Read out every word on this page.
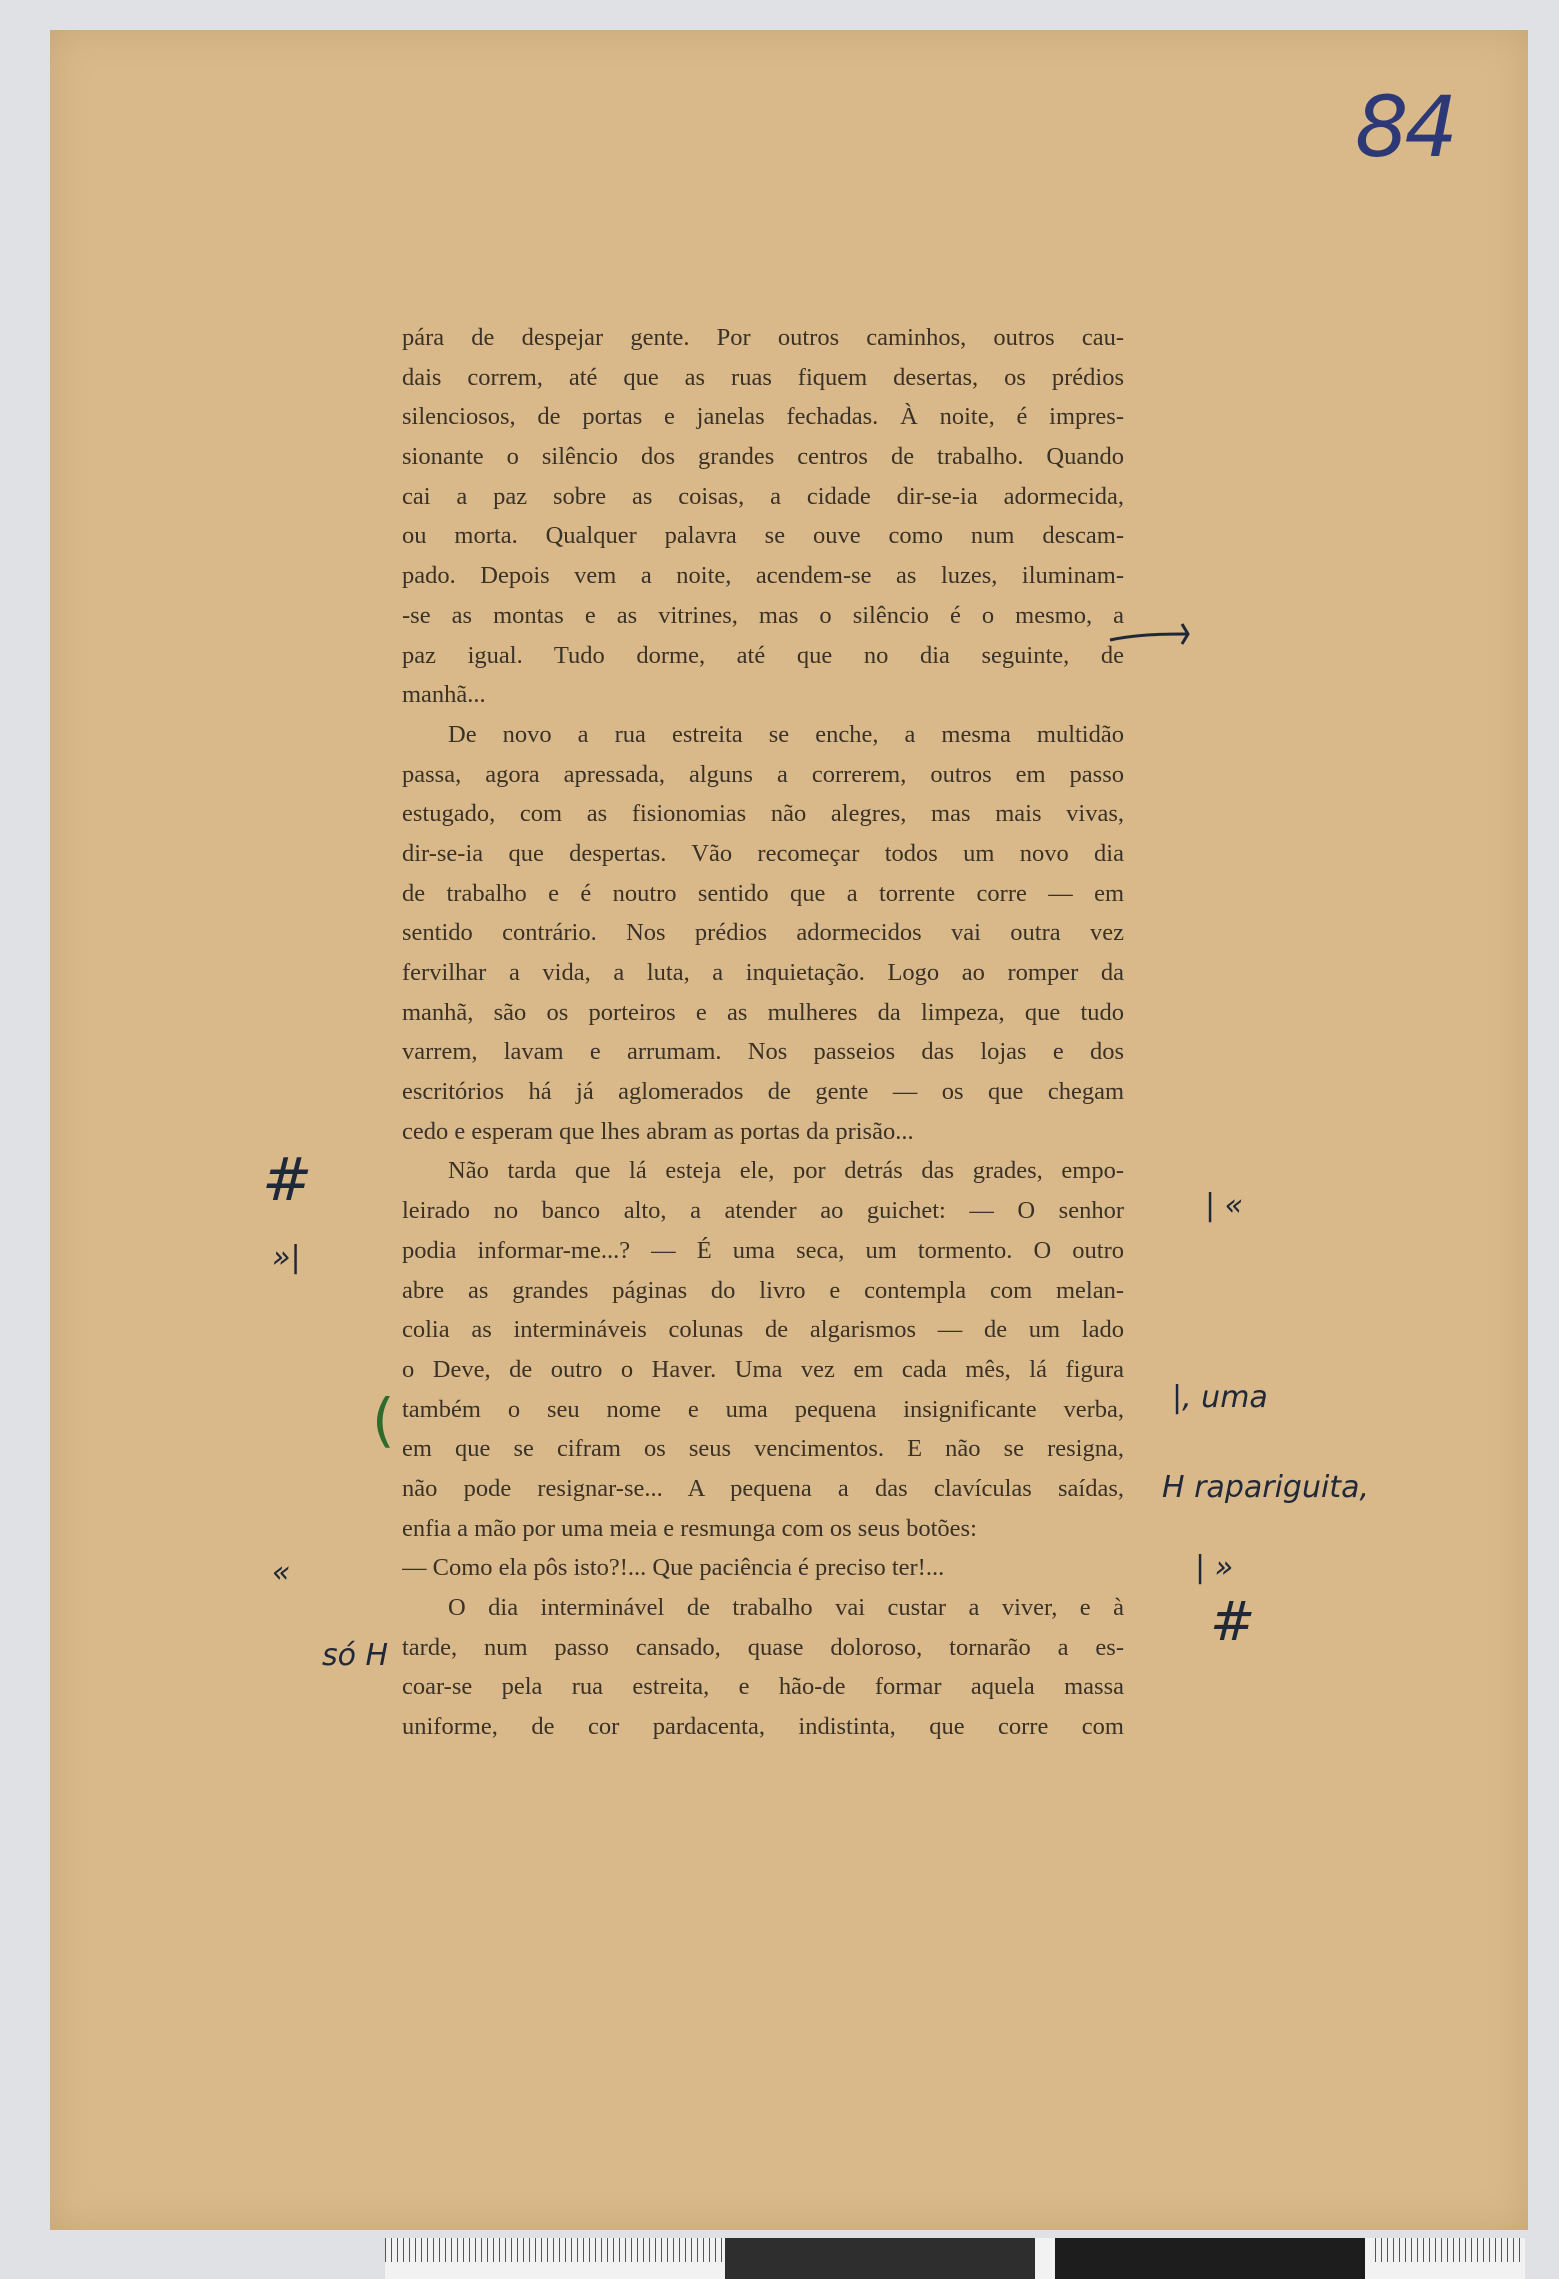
84
pára de despejar gente. Por outros caminhos, outros cau-
dais correm, até que as ruas fiquem desertas, os prédios
silenciosos, de portas e janelas fechadas. À noite, é impres-
sionante o silêncio dos grandes centros de trabalho. Quando
cai a paz sobre as coisas, a cidade dir-se-ia adormecida,
ou morta. Qualquer palavra se ouve como num descam-
pado. Depois vem a noite, acendem-se as luzes, iluminam-
-se as montas e as vitrines, mas o silêncio é o mesmo, a
paz igual. Tudo dorme, até que no dia seguinte, de
manhã...
De novo a rua estreita se enche, a mesma multidão
passa, agora apressada, alguns a correrem, outros em passo
estugado, com as fisionomias não alegres, mas mais vivas,
dir-se-ia que despertas. Vão recomeçar todos um novo dia
de trabalho e é noutro sentido que a torrente corre — em
sentido contrário. Nos prédios adormecidos vai outra vez
fervilhar a vida, a luta, a inquietação. Logo ao romper da
manhã, são os porteiros e as mulheres da limpeza, que tudo
varrem, lavam e arrumam. Nos passeios das lojas e dos
escritórios há já aglomerados de gente — os que chegam
cedo e esperam que lhes abram as portas da prisão...
Não tarda que lá esteja ele, por detrás das grades, empo-
leirado no banco alto, a atender ao guichet: — O senhor
podia informar-me...? — É uma seca, um tormento. O outro
abre as grandes páginas do livro e contempla com melan-
colia as intermináveis colunas de algarismos — de um lado
o Deve, de outro o Haver. Uma vez em cada mês, lá figura
também o seu nome e uma pequena insignificante verba,
em que se cifram os seus vencimentos. E não se resigna,
não pode resignar-se... A pequena a das clavículas saídas,
enfia a mão por uma meia e resmunga com os seus botões:
— Como ela pôs isto?!... Que paciência é preciso ter!...
O dia interminável de trabalho vai custar a viver, e à
tarde, num passo cansado, quase doloroso, tornarão a es-
coar-se pela rua estreita, e hão-de formar aquela massa
uniforme, de cor pardacenta, indistinta, que corre com
#
»|
«
só H
| «
|, uma
H rapariguita,
| »
#
(
